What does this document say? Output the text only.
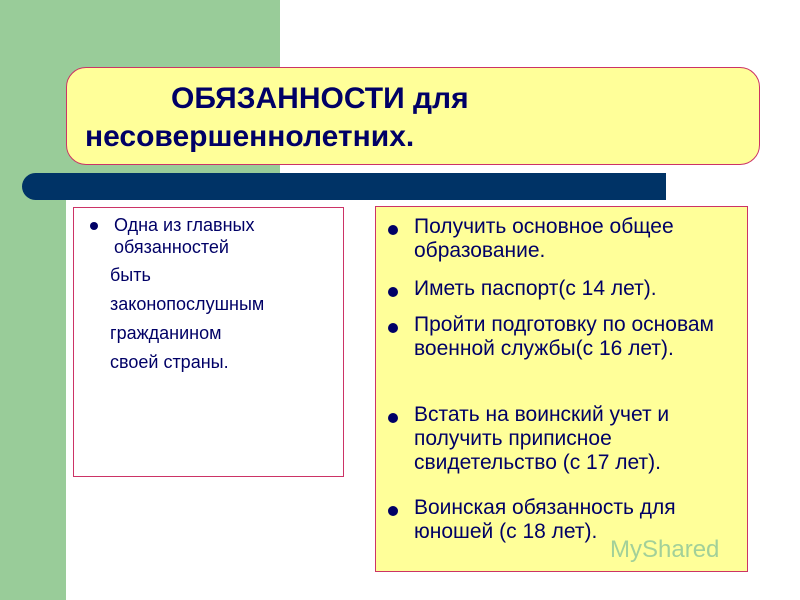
ОБЯЗАННОСТИ для
несовершеннолетних.
Одна из главных обязанностей
быть
законопослушным
гражданином
своей страны.
Получить основное общее образование.
Иметь паспорт(с 14 лет).
Пройти подготовку по основам военной службы(с 16 лет).
Встать на воинский учет и получить приписное свидетельство (с 17 лет).
Воинская обязанность для юношей (с 18 лет).
MyShared
